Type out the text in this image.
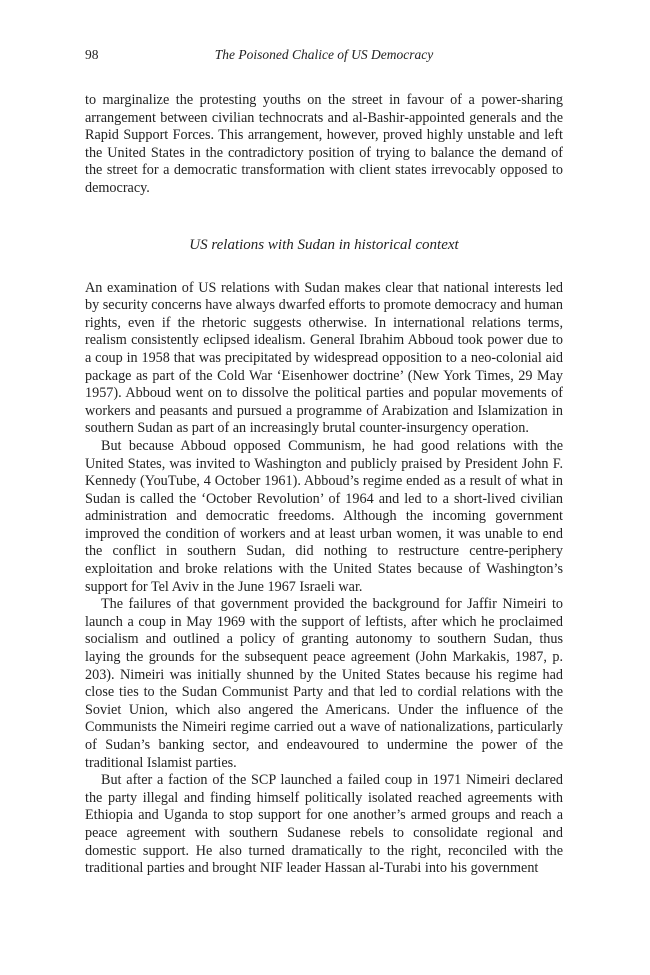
98	The Poisoned Chalice of US Democracy

to marginalize the protesting youths on the street in favour of a power-sharing arrangement between civilian technocrats and al-Bashir-appointed generals and the Rapid Support Forces. This arrangement, however, proved highly unstable and left the United States in the contradictory position of trying to balance the demand of the street for a democratic transformation with client states irrevocably opposed to democracy.

US relations with Sudan in historical context

An examination of US relations with Sudan makes clear that national interests led by security concerns have always dwarfed efforts to promote democracy and human rights, even if the rhetoric suggests otherwise. In international relations terms, realism consistently eclipsed idealism. General Ibrahim Abboud took power due to a coup in 1958 that was precipitated by widespread opposition to a neo-colonial aid package as part of the Cold War ‘Eisenhower doctrine’ (New York Times, 29 May 1957). Abboud went on to dissolve the political parties and popular movements of workers and peasants and pursued a programme of Arabization and Islamization in southern Sudan as part of an increasingly brutal counter-insurgency operation.

But because Abboud opposed Communism, he had good relations with the United States, was invited to Washington and publicly praised by President John F. Kennedy (YouTube, 4 October 1961). Abboud’s regime ended as a result of what in Sudan is called the ‘October Revolution’ of 1964 and led to a short-lived civilian administration and democratic freedoms. Although the incoming government improved the condition of workers and at least urban women, it was unable to end the conflict in southern Sudan, did nothing to restructure centre-periphery exploitation and broke relations with the United States because of Washington’s support for Tel Aviv in the June 1967 Israeli war.

The failures of that government provided the background for Jaffir Nimeiri to launch a coup in May 1969 with the support of leftists, after which he proclaimed socialism and outlined a policy of granting autonomy to southern Sudan, thus laying the grounds for the subsequent peace agreement (John Markakis, 1987, p. 203). Nimeiri was initially shunned by the United States because his regime had close ties to the Sudan Communist Party and that led to cordial relations with the Soviet Union, which also angered the Americans. Under the influence of the Communists the Nimeiri regime carried out a wave of nationalizations, particularly of Sudan’s banking sector, and endeavoured to undermine the power of the traditional Islamist parties.

But after a faction of the SCP launched a failed coup in 1971 Nimeiri declared the party illegal and finding himself politically isolated reached agreements with Ethiopia and Uganda to stop support for one another’s armed groups and reach a peace agreement with southern Sudanese rebels to consolidate regional and domestic support. He also turned dramatically to the right, reconciled with the traditional parties and brought NIF leader Hassan al-Turabi into his government
